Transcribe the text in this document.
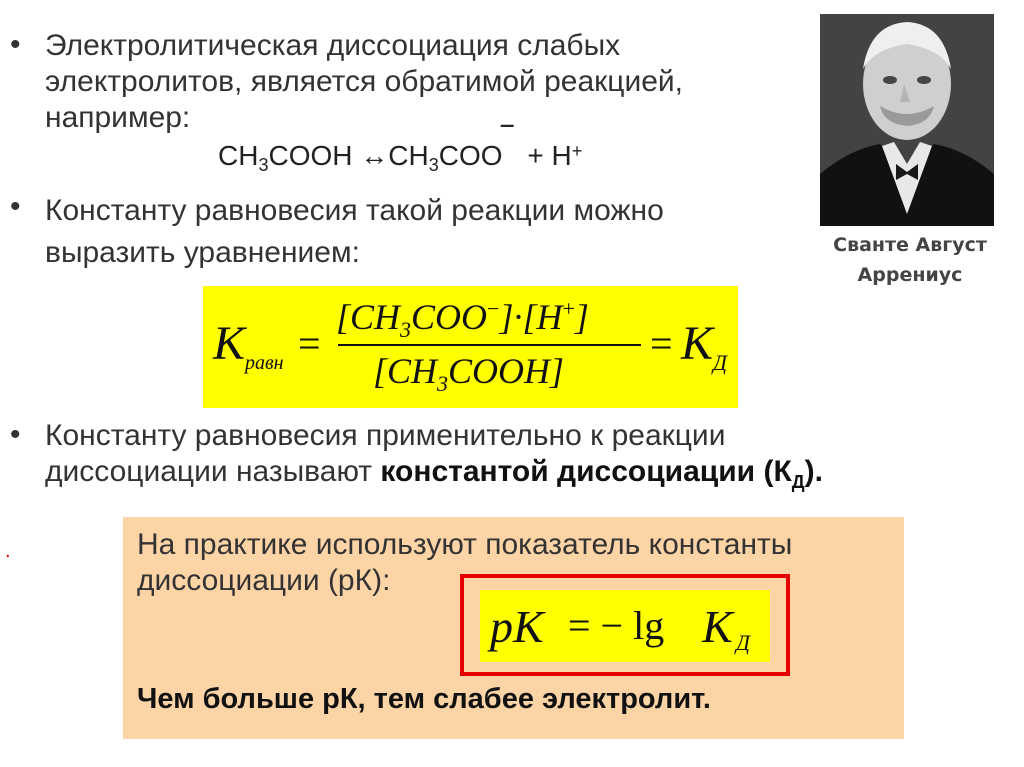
• Электролитическая диссоциация слабых
электролитов, является обратимой реакцией,
например:
$CH_3COOH$ $\leftrightarrow CH_3COO‾ + H^+$
• Константу равновесия такой реакции можно
выразить уравнением:
К равн =
$[CH_3COO^-]\cdot[H^+]$
$[CH_3COOH]$
= К Д
Сванте Август
Аррениус
• Константу равновесия применительно к реакции
диссоциации называют константой диссоциации $(К_Д)$.
.	На практике используют показатель константы
диссоциации (рК):
Чем больше рК, тем слабее электролит.
рК = − lg К Д
